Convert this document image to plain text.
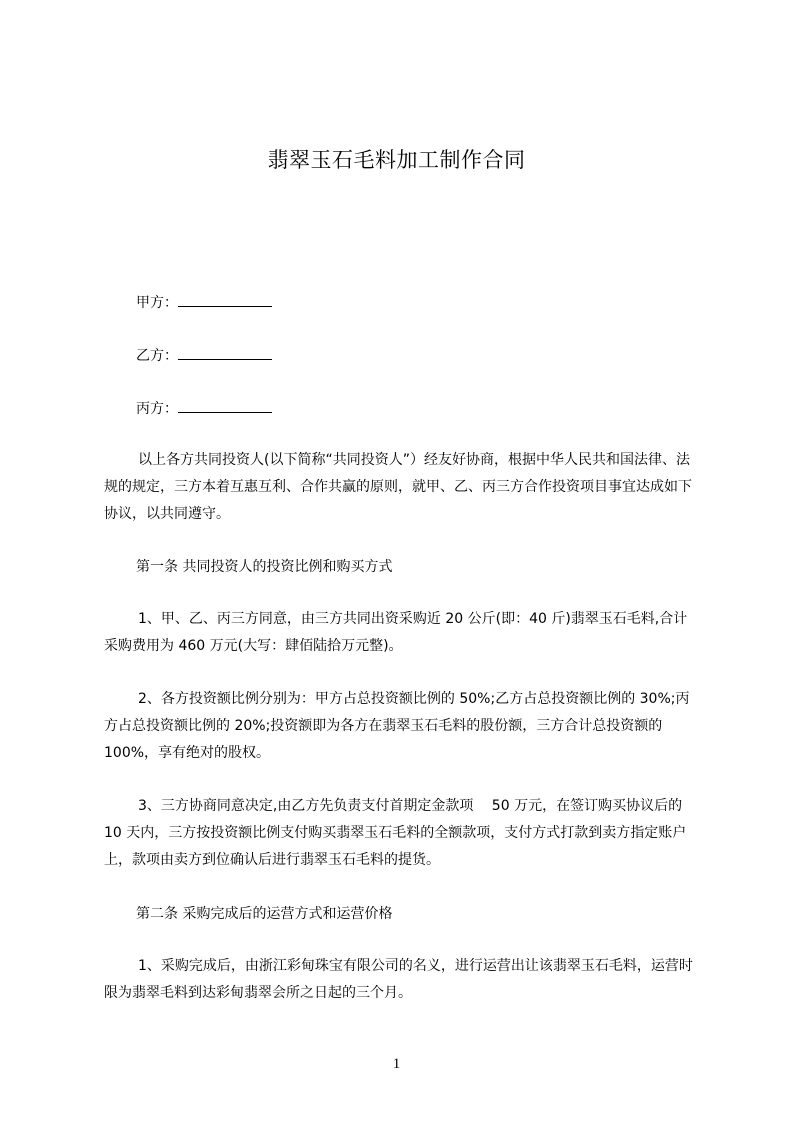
翡翠玉石毛料加工制作合同
甲方：
乙方：
丙方：
以上各方共同投资人(以下简称“共同投资人”）经友好协商，根据中华人民共和国法律、法规的规定，三方本着互惠互利、合作共赢的原则，就甲、乙、丙三方合作投资项目事宜达成如下协议，以共同遵守。
第一条 共同投资人的投资比例和购买方式
1、甲、乙、丙三方同意，由三方共同出资采购近 20 公斤(即：40 斤)翡翠玉石毛料,合计采购费用为 460 万元(大写：肆佰陆拾万元整)。
2、各方投资额比例分别为：甲方占总投资额比例的 50%;乙方占总投资额比例的 30%;丙方占总投资额比例的 20%;投资额即为各方在翡翠玉石毛料的股份额，三方合计总投资额的 100%，享有绝对的股权。
3、三方协商同意决定,由乙方先负责支付首期定金款项　 50 万元，在签订购买协议后的 10 天内，三方按投资额比例支付购买翡翠玉石毛料的全额款项，支付方式打款到卖方指定账户上，款项由卖方到位确认后进行翡翠玉石毛料的提货。
第二条 采购完成后的运营方式和运营价格
1、采购完成后，由浙江彩甸珠宝有限公司的名义，进行运营出让该翡翠玉石毛料，运营时限为翡翠毛料到达彩甸翡翠会所之日起的三个月。
1
